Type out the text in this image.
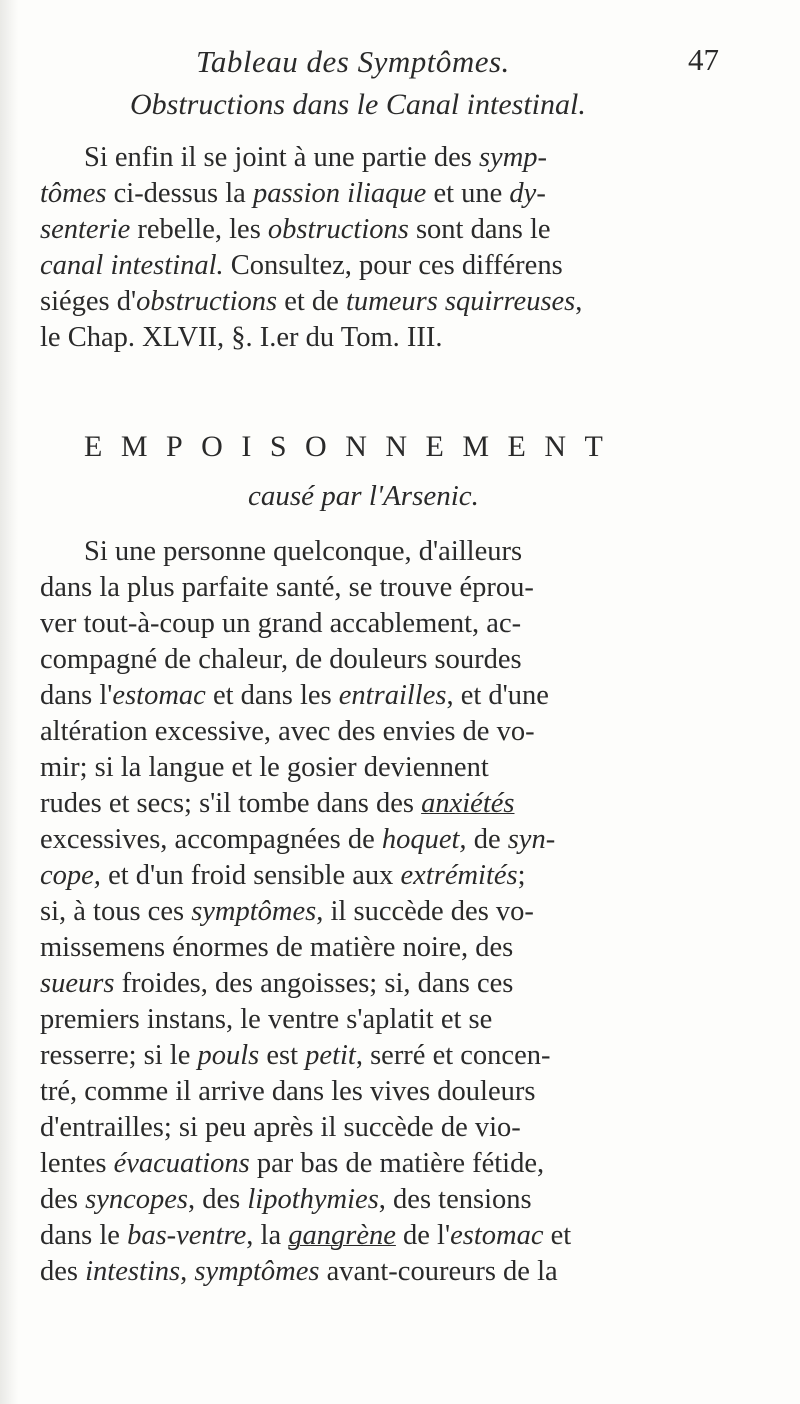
Tableau des Symptômes.	47
Obstructions dans le Canal intestinal.
Si enfin il se joint à une partie des symp-
tômes ci-dessus la passion iliaque et une dy-
senterie rebelle, les obstructions sont dans le
canal intestinal. Consultez, pour ces différens
siéges d'obstructions et de tumeurs squirreuses,
le Chap. XLVII, §. I.er du Tom. III.
EMPOISONNEMENT
causé par l'Arsenic.
Si une personne quelconque, d'ailleurs
dans la plus parfaite santé, se trouve éprou-
ver tout-à-coup un grand accablement, ac-
compagné de chaleur, de douleurs sourdes
dans l'estomac et dans les entrailles, et d'une
altération excessive, avec des envies de vo-
mir; si la langue et le gosier deviennent
rudes et secs; s'il tombe dans des anxiétés
excessives, accompagnées de hoquet, de syn-
cope, et d'un froid sensible aux extrémités;
si, à tous ces symptômes, il succède des vo-
missemens énormes de matière noire, des
sueurs froides, des angoisses; si, dans ces
premiers instans, le ventre s'aplatit et se
resserre; si le pouls est petit, serré et concen-
tré, comme il arrive dans les vives douleurs
d'entrailles; si peu après il succède de vio-
lentes évacuations par bas de matière fétide,
des syncopes, des lipothymies, des tensions
dans le bas-ventre, la gangrène de l'estomac et
des intestins, symptômes avant-coureurs de la
